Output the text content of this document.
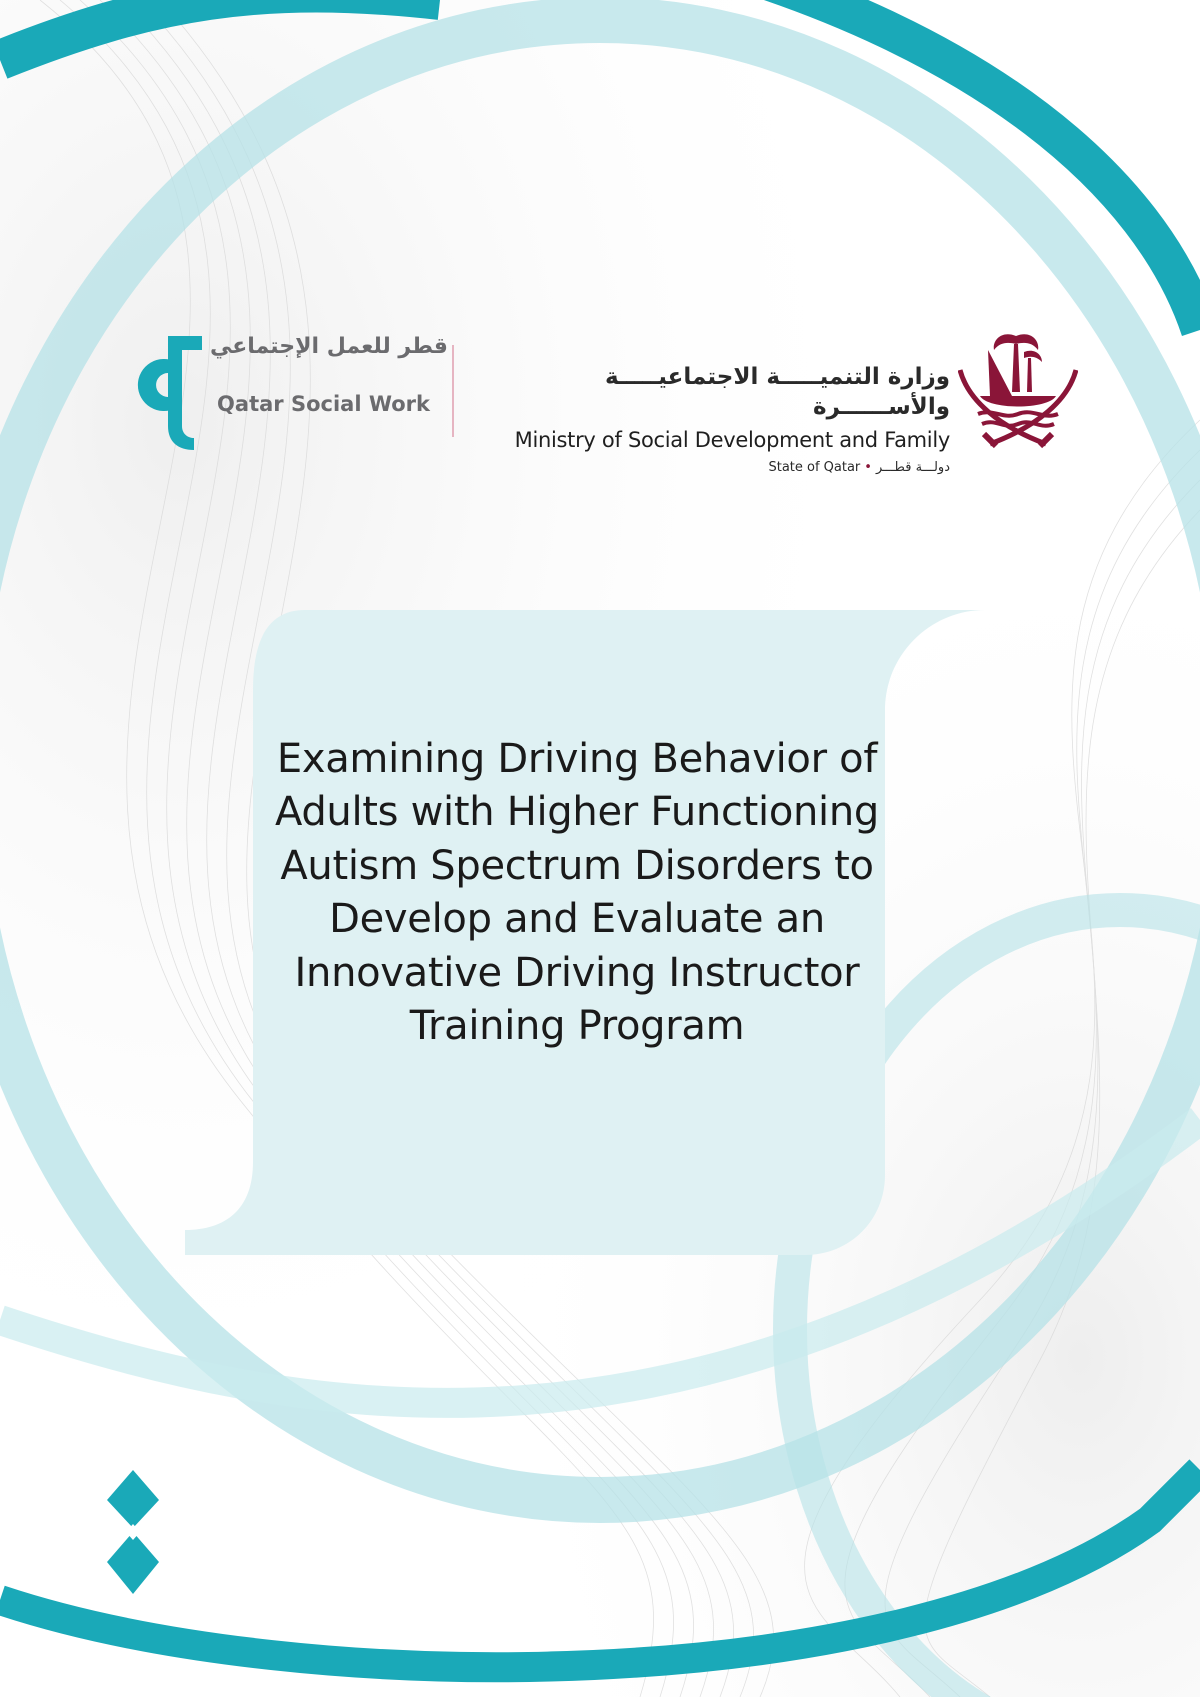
قطر للعمل الإجتماعي
Qatar Social Work
وزارة التنميـــــة الاجتماعيـــــة والأســــــرة
Ministry of Social Development and Family
State of Qatar • دولـــة قطـــر
Examining Driving Behavior of Adults with Higher Functioning Autism Spectrum Disorders to Develop and Evaluate an Innovative Driving Instructor Training Program
